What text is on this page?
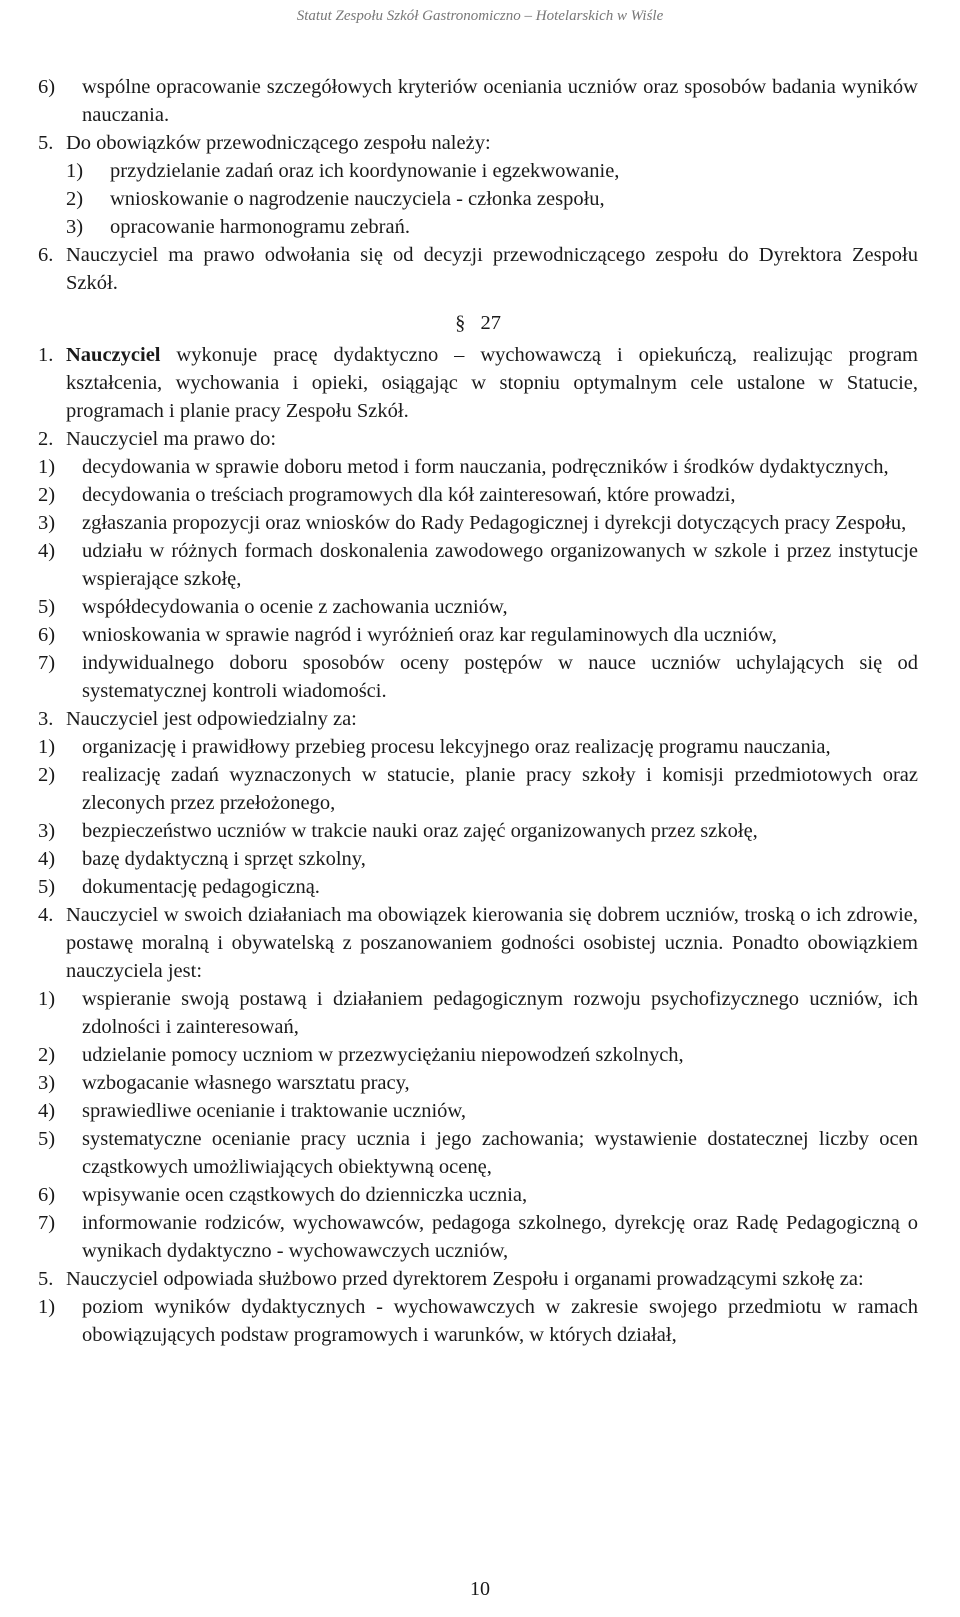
Statut Zespołu Szkół Gastronomiczno – Hotelarskich w Wiśle
6)	wspólne opracowanie szczegółowych kryteriów oceniania uczniów oraz sposobów badania wyników nauczania.
5. Do obowiązków przewodniczącego zespołu należy:
1)	przydzielanie zadań oraz ich koordynowanie i egzekwowanie,
2)	wnioskowanie o nagrodzenie nauczyciela - członka zespołu,
3)	opracowanie harmonogramu zebrań.
6. Nauczyciel ma prawo odwołania się od decyzji przewodniczącego zespołu do Dyrektora Zespołu Szkół.
§ 27
1. Nauczyciel wykonuje pracę dydaktyczno – wychowawczą i opiekuńczą, realizując program kształcenia, wychowania i opieki, osiągając w stopniu optymalnym cele ustalone w Statucie, programach i planie pracy Zespołu Szkół.
2. Nauczyciel ma prawo do:
1)	decydowania w sprawie doboru metod i form nauczania, podręczników i środków dydaktycznych,
2)	decydowania o treściach programowych dla kół zainteresowań, które prowadzi,
3)	zgłaszania propozycji oraz wniosków do Rady Pedagogicznej i dyrekcji dotyczących pracy Zespołu,
4)	udziału w różnych formach doskonalenia zawodowego organizowanych w szkole i przez instytucje wspierające szkołę,
5)	współdecydowania o ocenie z zachowania uczniów,
6)	wnioskowania w sprawie nagród i wyróżnień oraz kar regulaminowych dla uczniów,
7)	indywidualnego doboru sposobów oceny postępów w nauce uczniów uchylających się od systematycznej kontroli wiadomości.
3. Nauczyciel jest odpowiedzialny za:
1)	organizację i prawidłowy przebieg procesu lekcyjnego oraz realizację programu nauczania,
2)	realizację zadań wyznaczonych w statucie, planie pracy szkoły i komisji przedmiotowych oraz zleconych przez przełożonego,
3)	bezpieczeństwo uczniów w trakcie nauki oraz zajęć organizowanych przez szkołę,
4)	bazę dydaktyczną i sprzęt szkolny,
5)	dokumentację pedagogiczną.
4. Nauczyciel w swoich działaniach ma obowiązek kierowania się dobrem uczniów, troską o ich zdrowie, postawę moralną i obywatelską z poszanowaniem godności osobistej ucznia. Ponadto obowiązkiem nauczyciela jest:
1)	wspieranie swoją postawą i działaniem pedagogicznym rozwoju psychofizycznego uczniów, ich zdolności i zainteresowań,
2)	udzielanie pomocy uczniom w przezwyciężaniu niepowodzeń szkolnych,
3)	wzbogacanie własnego warsztatu pracy,
4)	sprawiedliwe ocenianie i traktowanie uczniów,
5)	systematyczne ocenianie pracy ucznia i jego zachowania; wystawienie dostatecznej liczby ocen cząstkowych umożliwiających obiektywną ocenę,
6)	wpisywanie ocen cząstkowych do dzienniczka ucznia,
7)	informowanie rodziców, wychowawców, pedagoga szkolnego, dyrekcję oraz Radę Pedagogiczną o wynikach dydaktyczno - wychowawczych uczniów,
5. Nauczyciel odpowiada służbowo przed dyrektorem Zespołu i organami prowadzącymi szkołę za:
1)	poziom wyników dydaktycznych - wychowawczych w zakresie swojego przedmiotu w ramach obowiązujących podstaw programowych i warunków, w których działał,
10
